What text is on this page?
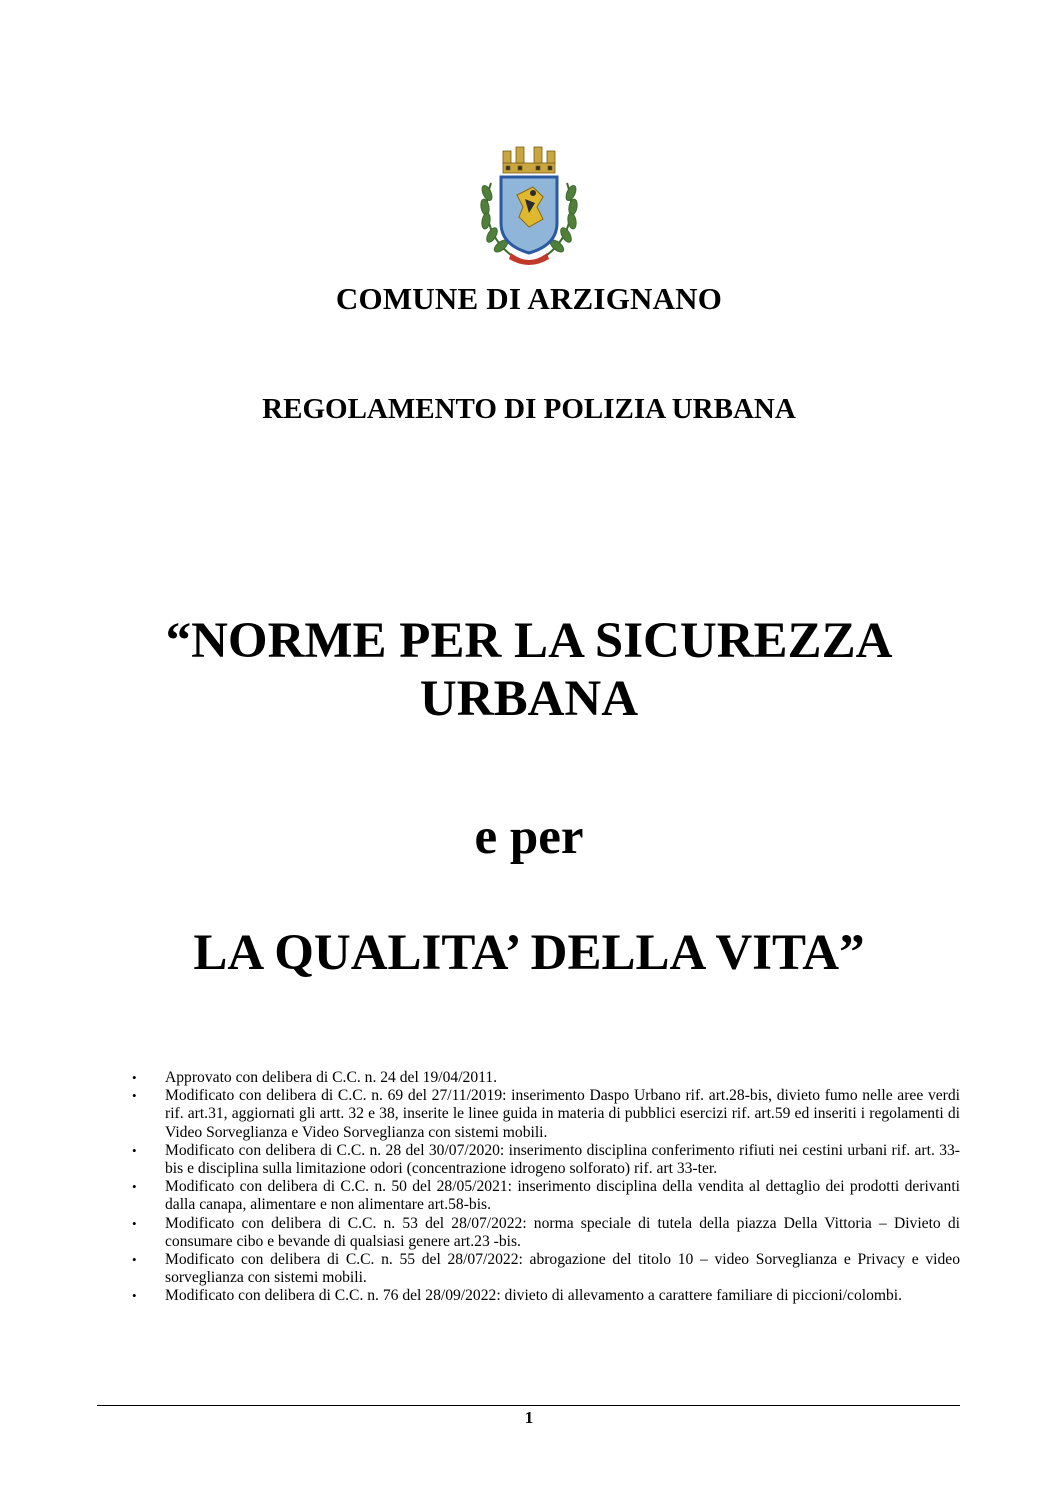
COMUNE DI ARZIGNANO
REGOLAMENTO DI POLIZIA URBANA
“NORME PER LA SICUREZZA
URBANA
e per
LA QUALITA’ DELLA VITA”
• Approvato con delibera di C.C. n. 24 del 19/04/2011.
• Modificato con delibera di C.C. n. 69 del 27/11/2019: inserimento Daspo Urbano rif. art.28-bis, divieto fumo nelle aree verdi rif. art.31, aggiornati gli artt. 32 e 38, inserite le linee guida in materia di pubblici esercizi rif. art.59 ed inseriti i regolamenti di Video Sorveglianza e Video Sorveglianza con sistemi mobili.
• Modificato con delibera di C.C. n. 28 del 30/07/2020: inserimento disciplina conferimento rifiuti nei cestini urbani rif. art. 33-bis e disciplina sulla limitazione odori (concentrazione idrogeno solforato) rif. art 33-ter.
• Modificato con delibera di C.C. n. 50 del 28/05/2021: inserimento disciplina della vendita al dettaglio dei prodotti derivanti dalla canapa, alimentare e non alimentare art.58-bis.
• Modificato con delibera di C.C. n. 53 del 28/07/2022: norma speciale di tutela della piazza Della Vittoria – Divieto di consumare cibo e bevande di qualsiasi genere art.23 -bis.
• Modificato con delibera di C.C. n. 55 del 28/07/2022: abrogazione del titolo 10 – video Sorveglianza e Privacy e video sorveglianza con sistemi mobili.
• Modificato con delibera di C.C. n. 76 del 28/09/2022: divieto di allevamento a carattere familiare di piccioni/colombi.
1
